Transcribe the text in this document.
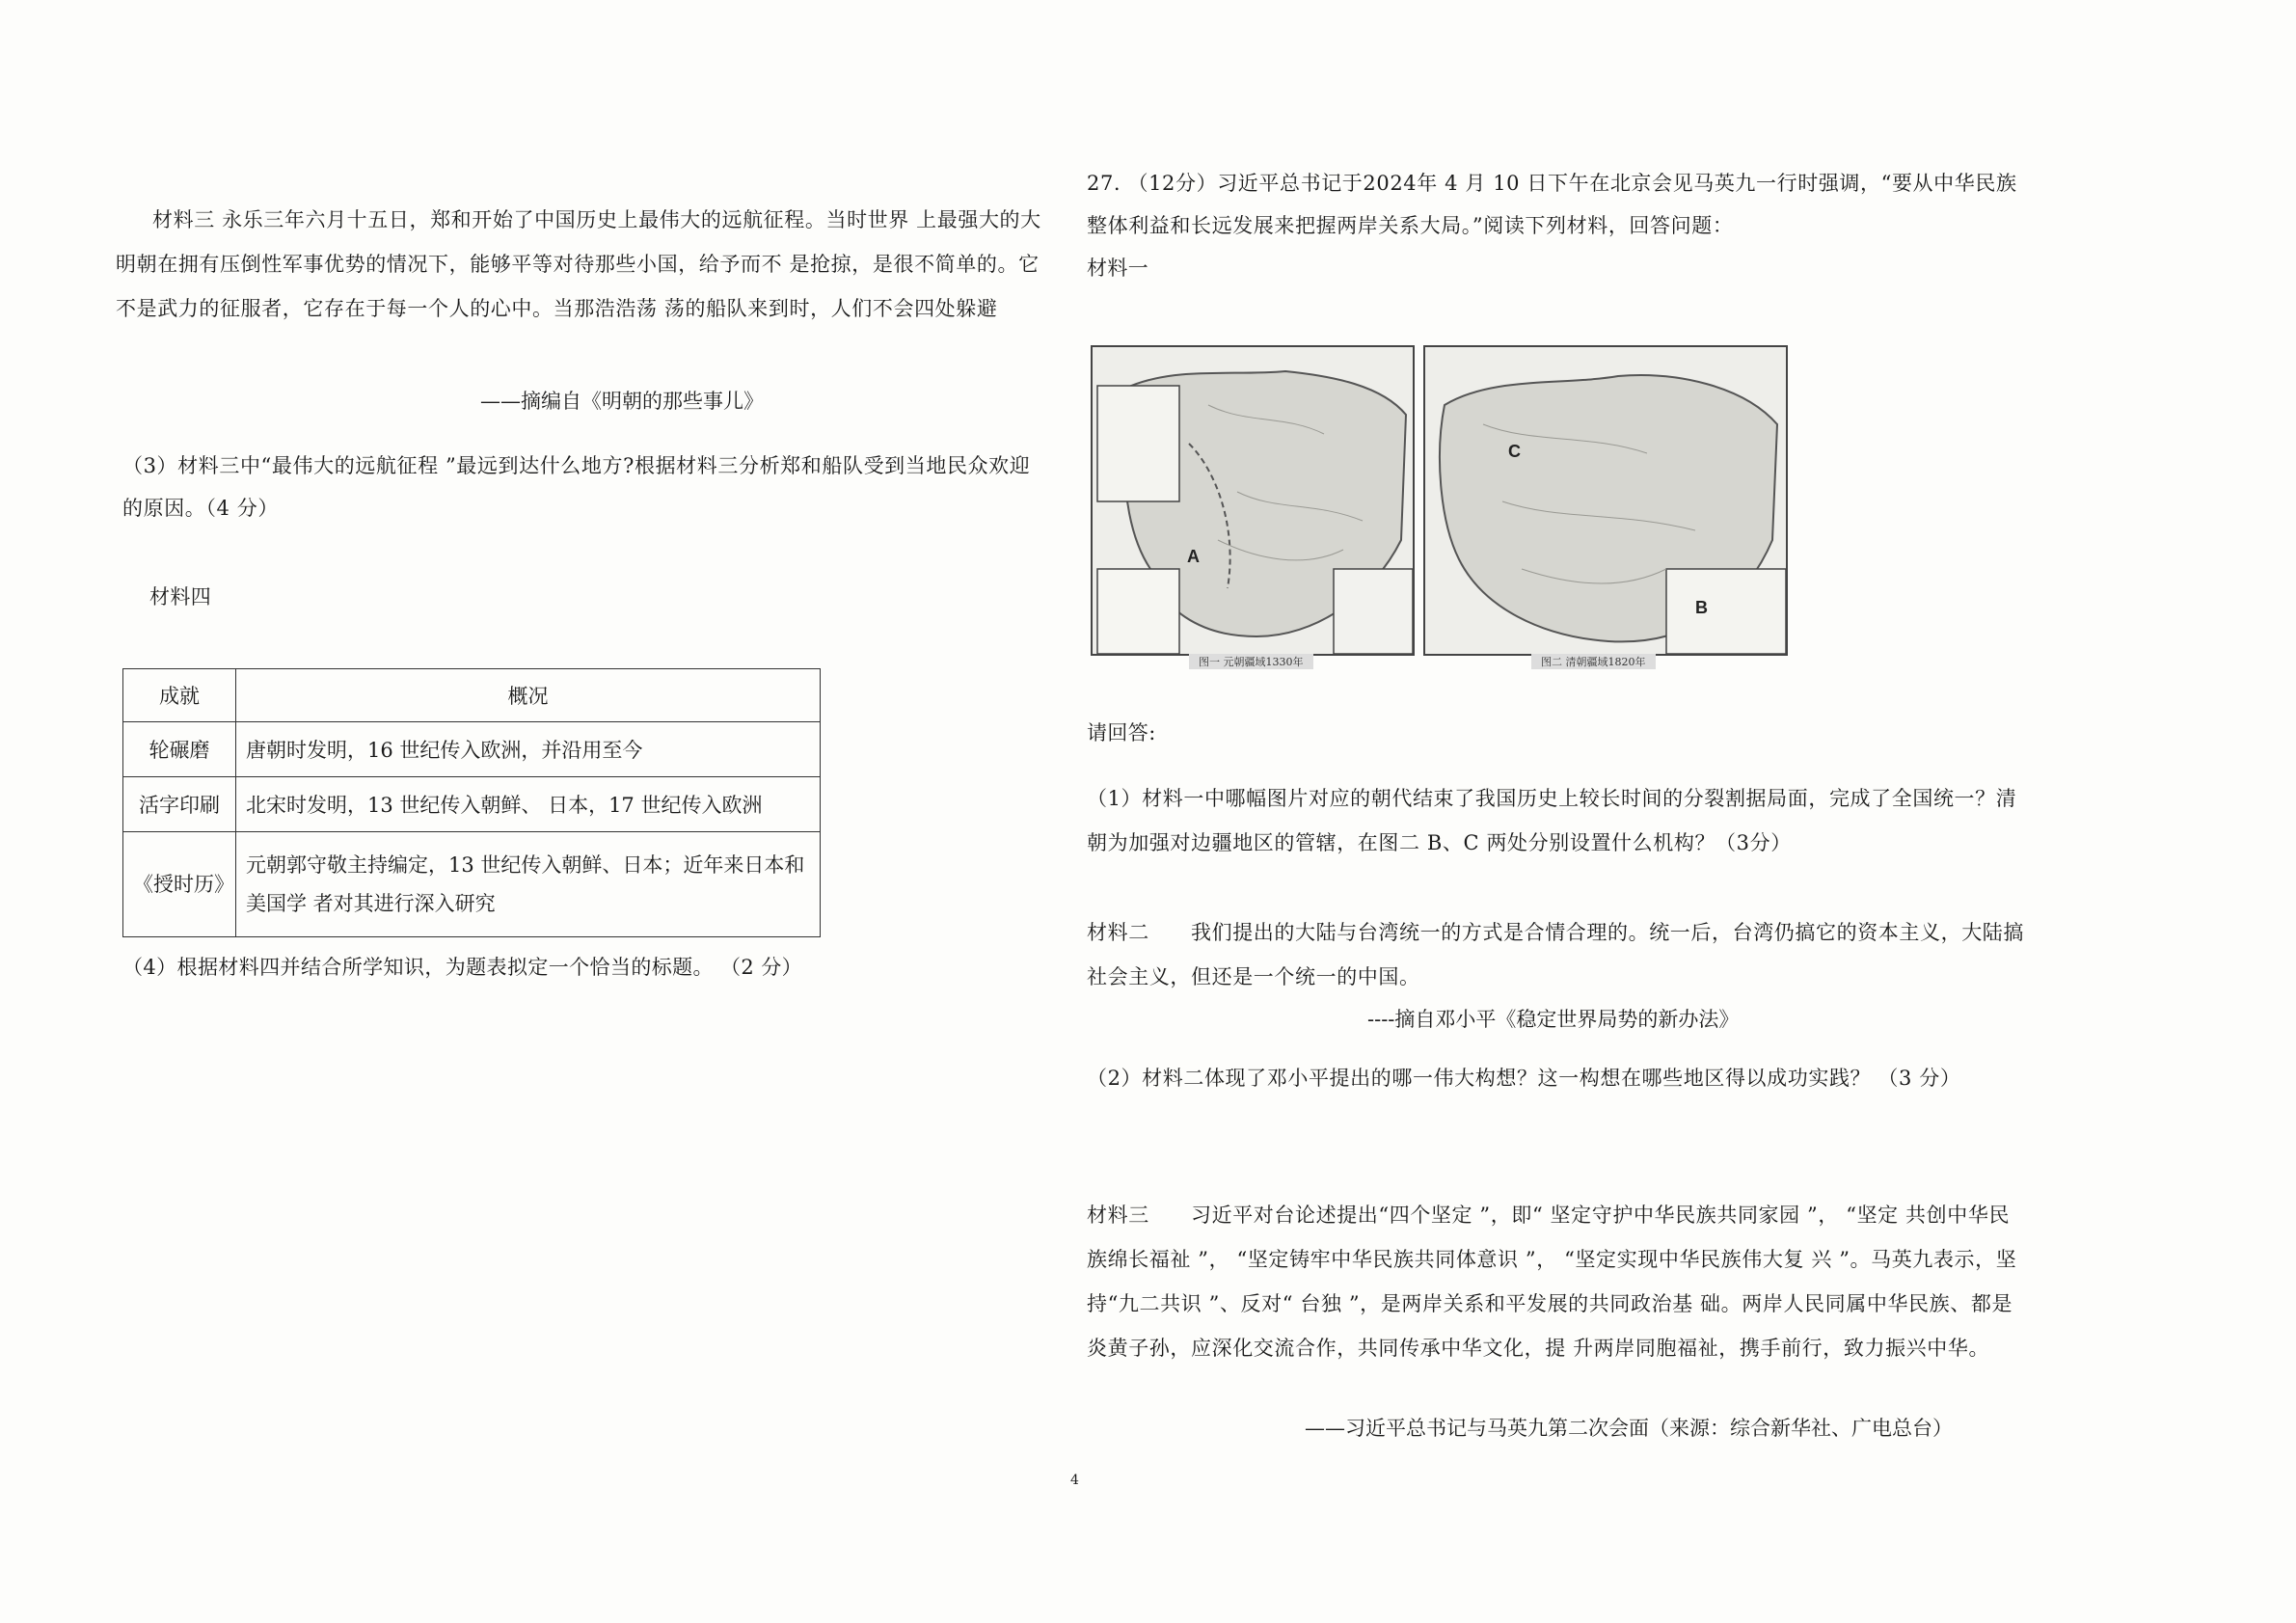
材料三 永乐三年六月十五日，郑和开始了中国历史上最伟大的远航征程。当时世界 上最强大的大明朝在拥有压倒性军事优势的情况下，能够平等对待那些小国，给予而不 是抢掠，是很不简单的。它不是武力的征服者，它存在于每一个人的心中。当那浩浩荡 荡的船队来到时，人们不会四处躲避
——摘编自《明朝的那些事儿》
（3）材料三中“最伟大的远航征程 ”最远到达什么地方?根据材料三分析郑和船队受到当地民众欢迎的原因。（4 分）
材料四
成就	概况
轮碾磨	唐朝时发明，16 世纪传入欧洲，并沿用至今
活字印刷	北宋时发明，13 世纪传入朝鲜、 日本，17 世纪传入欧洲
《授时历》	元朝郭守敬主持编定，13 世纪传入朝鲜、日本；近年来日本和美国学 者对其进行深入研究
（4）根据材料四并结合所学知识，为题表拟定一个恰当的标题。 （2 分）
27. （12分）习近平总书记于2024年 4 月 10 日下午在北京会见马英九一行时强调，“要从中华民族整体利益和长远发展来把握两岸关系大局。”阅读下列材料，回答问题：
材料一
A
图一 元朝疆域1330年
C
B
图二 清朝疆域1820年
请回答:
（1）材料一中哪幅图片对应的朝代结束了我国历史上较长时间的分裂割据局面，完成了全国统一？清朝为加强对边疆地区的管辖，在图二 B、C 两处分别设置什么机构？（3分）
材料二　　我们提出的大陆与台湾统一的方式是合情合理的。统一后，台湾仍搞它的资本主义，大陆搞社会主义，但还是一个统一的中国。
----摘自邓小平《稳定世界局势的新办法》
（2）材料二体现了邓小平提出的哪一伟大构想？这一构想在哪些地区得以成功实践？ （3 分）
材料三　　习近平对台论述提出“四个坚定 ”，即“ 坚定守护中华民族共同家园 ”， “坚定 共创中华民族绵长福祉 ”， “坚定铸牢中华民族共同体意识 ”， “坚定实现中华民族伟大复 兴 ”。马英九表示，坚持“九二共识 ”、反对“ 台独 ”，是两岸关系和平发展的共同政治基 础。两岸人民同属中华民族、都是炎黄子孙，应深化交流合作，共同传承中华文化，提 升两岸同胞福祉，携手前行，致力振兴中华。
——习近平总书记与马英九第二次会面（来源：综合新华社、广电总台）
4
